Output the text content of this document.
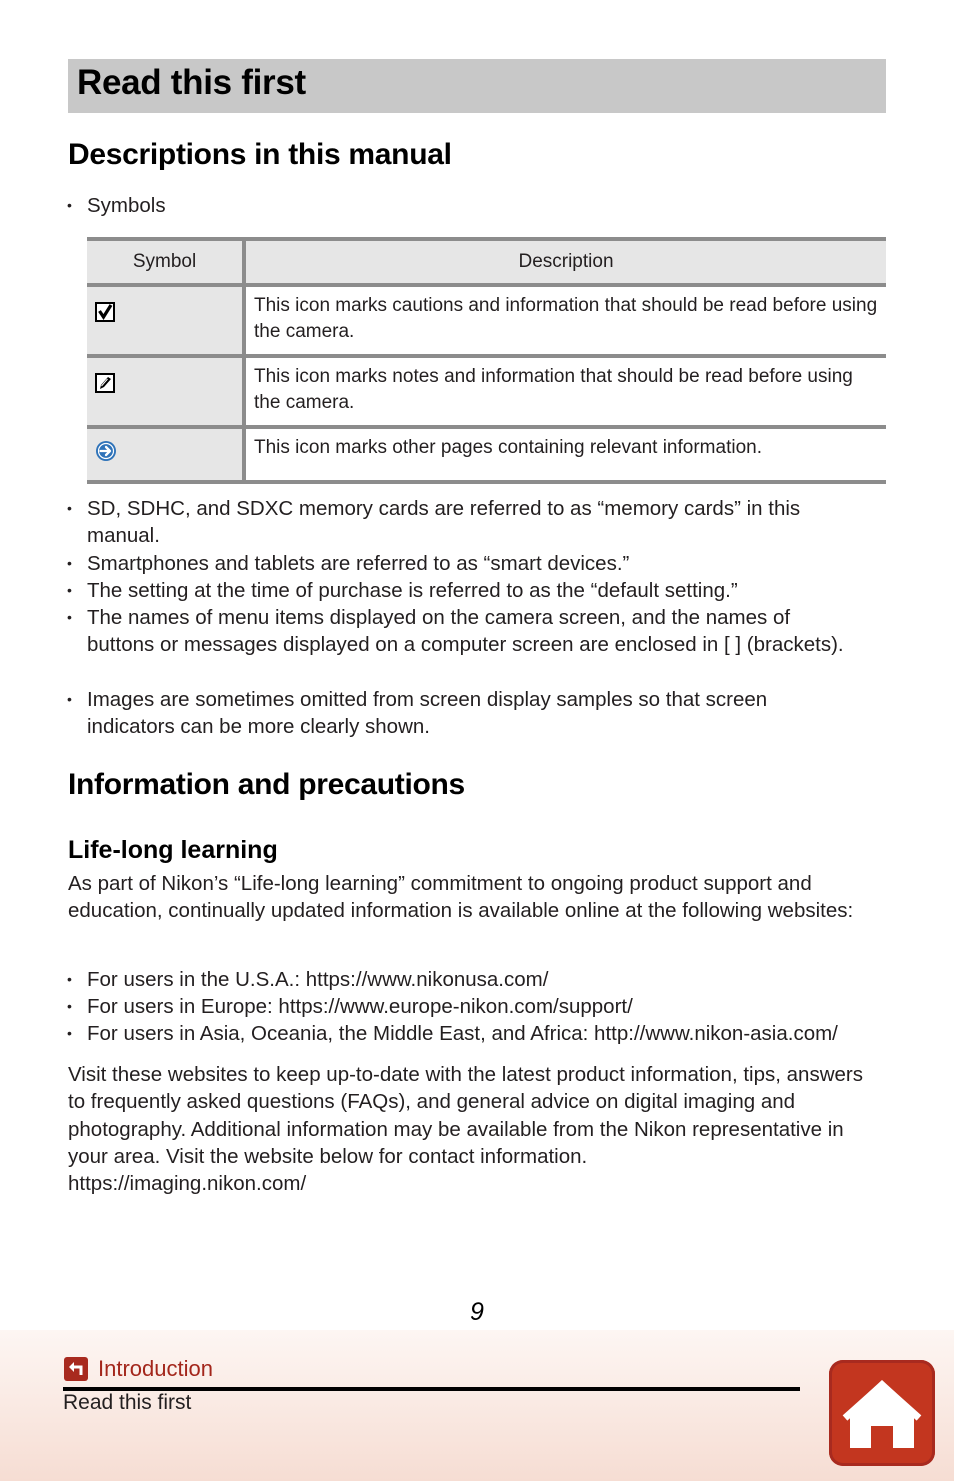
Read this first
Descriptions in this manual
• Symbols
Symbol	Description

	This icon marks cautions and information that should be read before using the camera.

	This icon marks notes and information that should be read before using the camera.
	This icon marks other pages containing relevant information.
• SD, SDHC, and SDXC memory cards are referred to as “memory cards” in this manual.
• Smartphones and tablets are referred to as “smart devices.”
• The setting at the time of purchase is referred to as the “default setting.”
• The names of menu items displayed on the camera screen, and the names of buttons or messages displayed on a computer screen are enclosed in [ ] (brackets).
• Images are sometimes omitted from screen display samples so that screen indicators can be more clearly shown.
Information and precautions
Life-long learning
As part of Nikon’s “Life-long learning” commitment to ongoing product support and education, continually updated information is available online at the following websites:
• For users in the U.S.A.: https://www.nikonusa.com/
• For users in Europe: https://www.europe-nikon.com/support/
• For users in Asia, Oceania, the Middle East, and Africa: http://www.nikon-asia.com/
Visit these websites to keep up-to-date with the latest product information, tips, answers to frequently asked questions (FAQs), and general advice on digital imaging and photography. Additional information may be available from the Nikon representative in your area. Visit the website below for contact information.
https://imaging.nikon.com/
9
Introduction
Read this first
